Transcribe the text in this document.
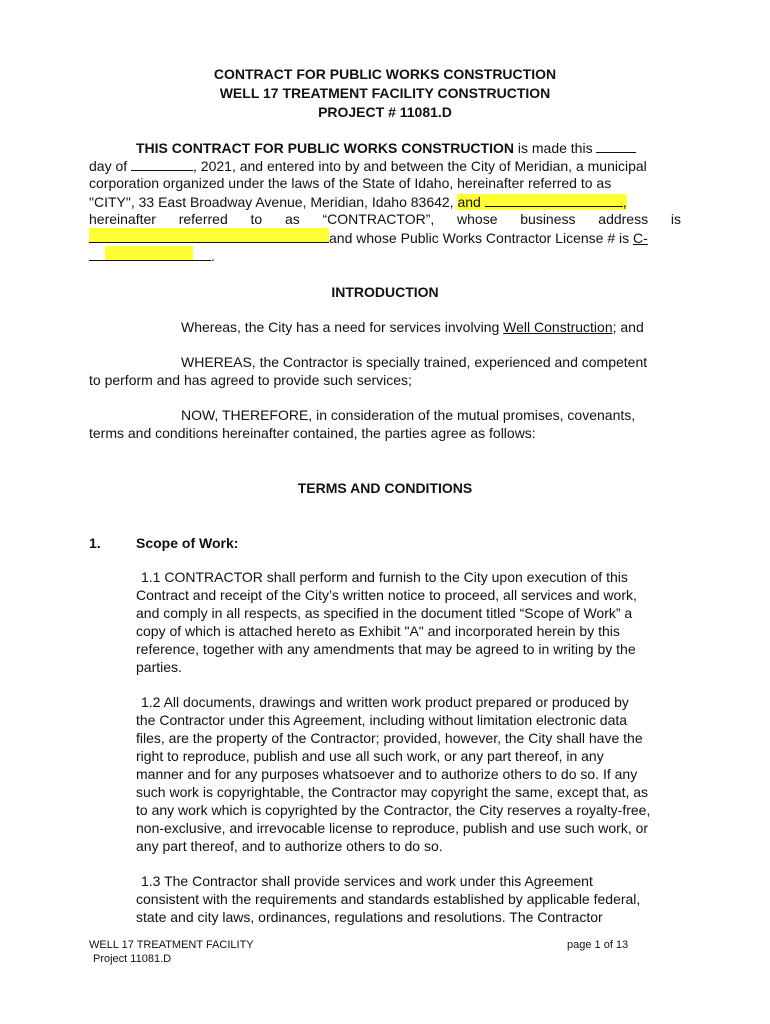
CONTRACT FOR PUBLIC WORKS CONSTRUCTION
WELL 17 TREATMENT FACILITY CONSTRUCTION
PROJECT # 11081.D
THIS CONTRACT FOR PUBLIC WORKS CONSTRUCTION is made this
day of	, 2021, and entered into by and between the City of Meridian, a municipal
corporation organized under the laws of the State of Idaho, hereinafter referred to as
"CITY", 33 East Broadway Avenue, Meridian, Idaho 83642, and	,
hereinafter referred to as “CONTRACTOR”, whose business address is
and whose Public Works Contractor License # is C-
.
INTRODUCTION
Whereas, the City has a need for services involving Well Construction; and
WHEREAS, the Contractor is specially trained, experienced and competent
to perform and has agreed to provide such services;
NOW, THEREFORE, in consideration of the mutual promises, covenants,
terms and conditions hereinafter contained, the parties agree as follows:
TERMS AND CONDITIONS
1.	Scope of Work:
1.1 CONTRACTOR shall perform and furnish to the City upon execution of this
Contract and receipt of the City’s written notice to proceed, all services and work,
and comply in all respects, as specified in the document titled “Scope of Work” a
copy of which is attached hereto as Exhibit "A" and incorporated herein by this
reference, together with any amendments that may be agreed to in writing by the
parties.
1.2 All documents, drawings and written work product prepared or produced by
the Contractor under this Agreement, including without limitation electronic data
files, are the property of the Contractor; provided, however, the City shall have the
right to reproduce, publish and use all such work, or any part thereof, in any
manner and for any purposes whatsoever and to authorize others to do so. If any
such work is copyrightable, the Contractor may copyright the same, except that, as
to any work which is copyrighted by the Contractor, the City reserves a royalty-free,
non-exclusive, and irrevocable license to reproduce, publish and use such work, or
any part thereof, and to authorize others to do so.
1.3 The Contractor shall provide services and work under this Agreement
consistent with the requirements and standards established by applicable federal,
state and city laws, ordinances, regulations and resolutions. The Contractor
WELL 17 TREATMENT FACILITY
Project 11081.D
page 1 of 13
